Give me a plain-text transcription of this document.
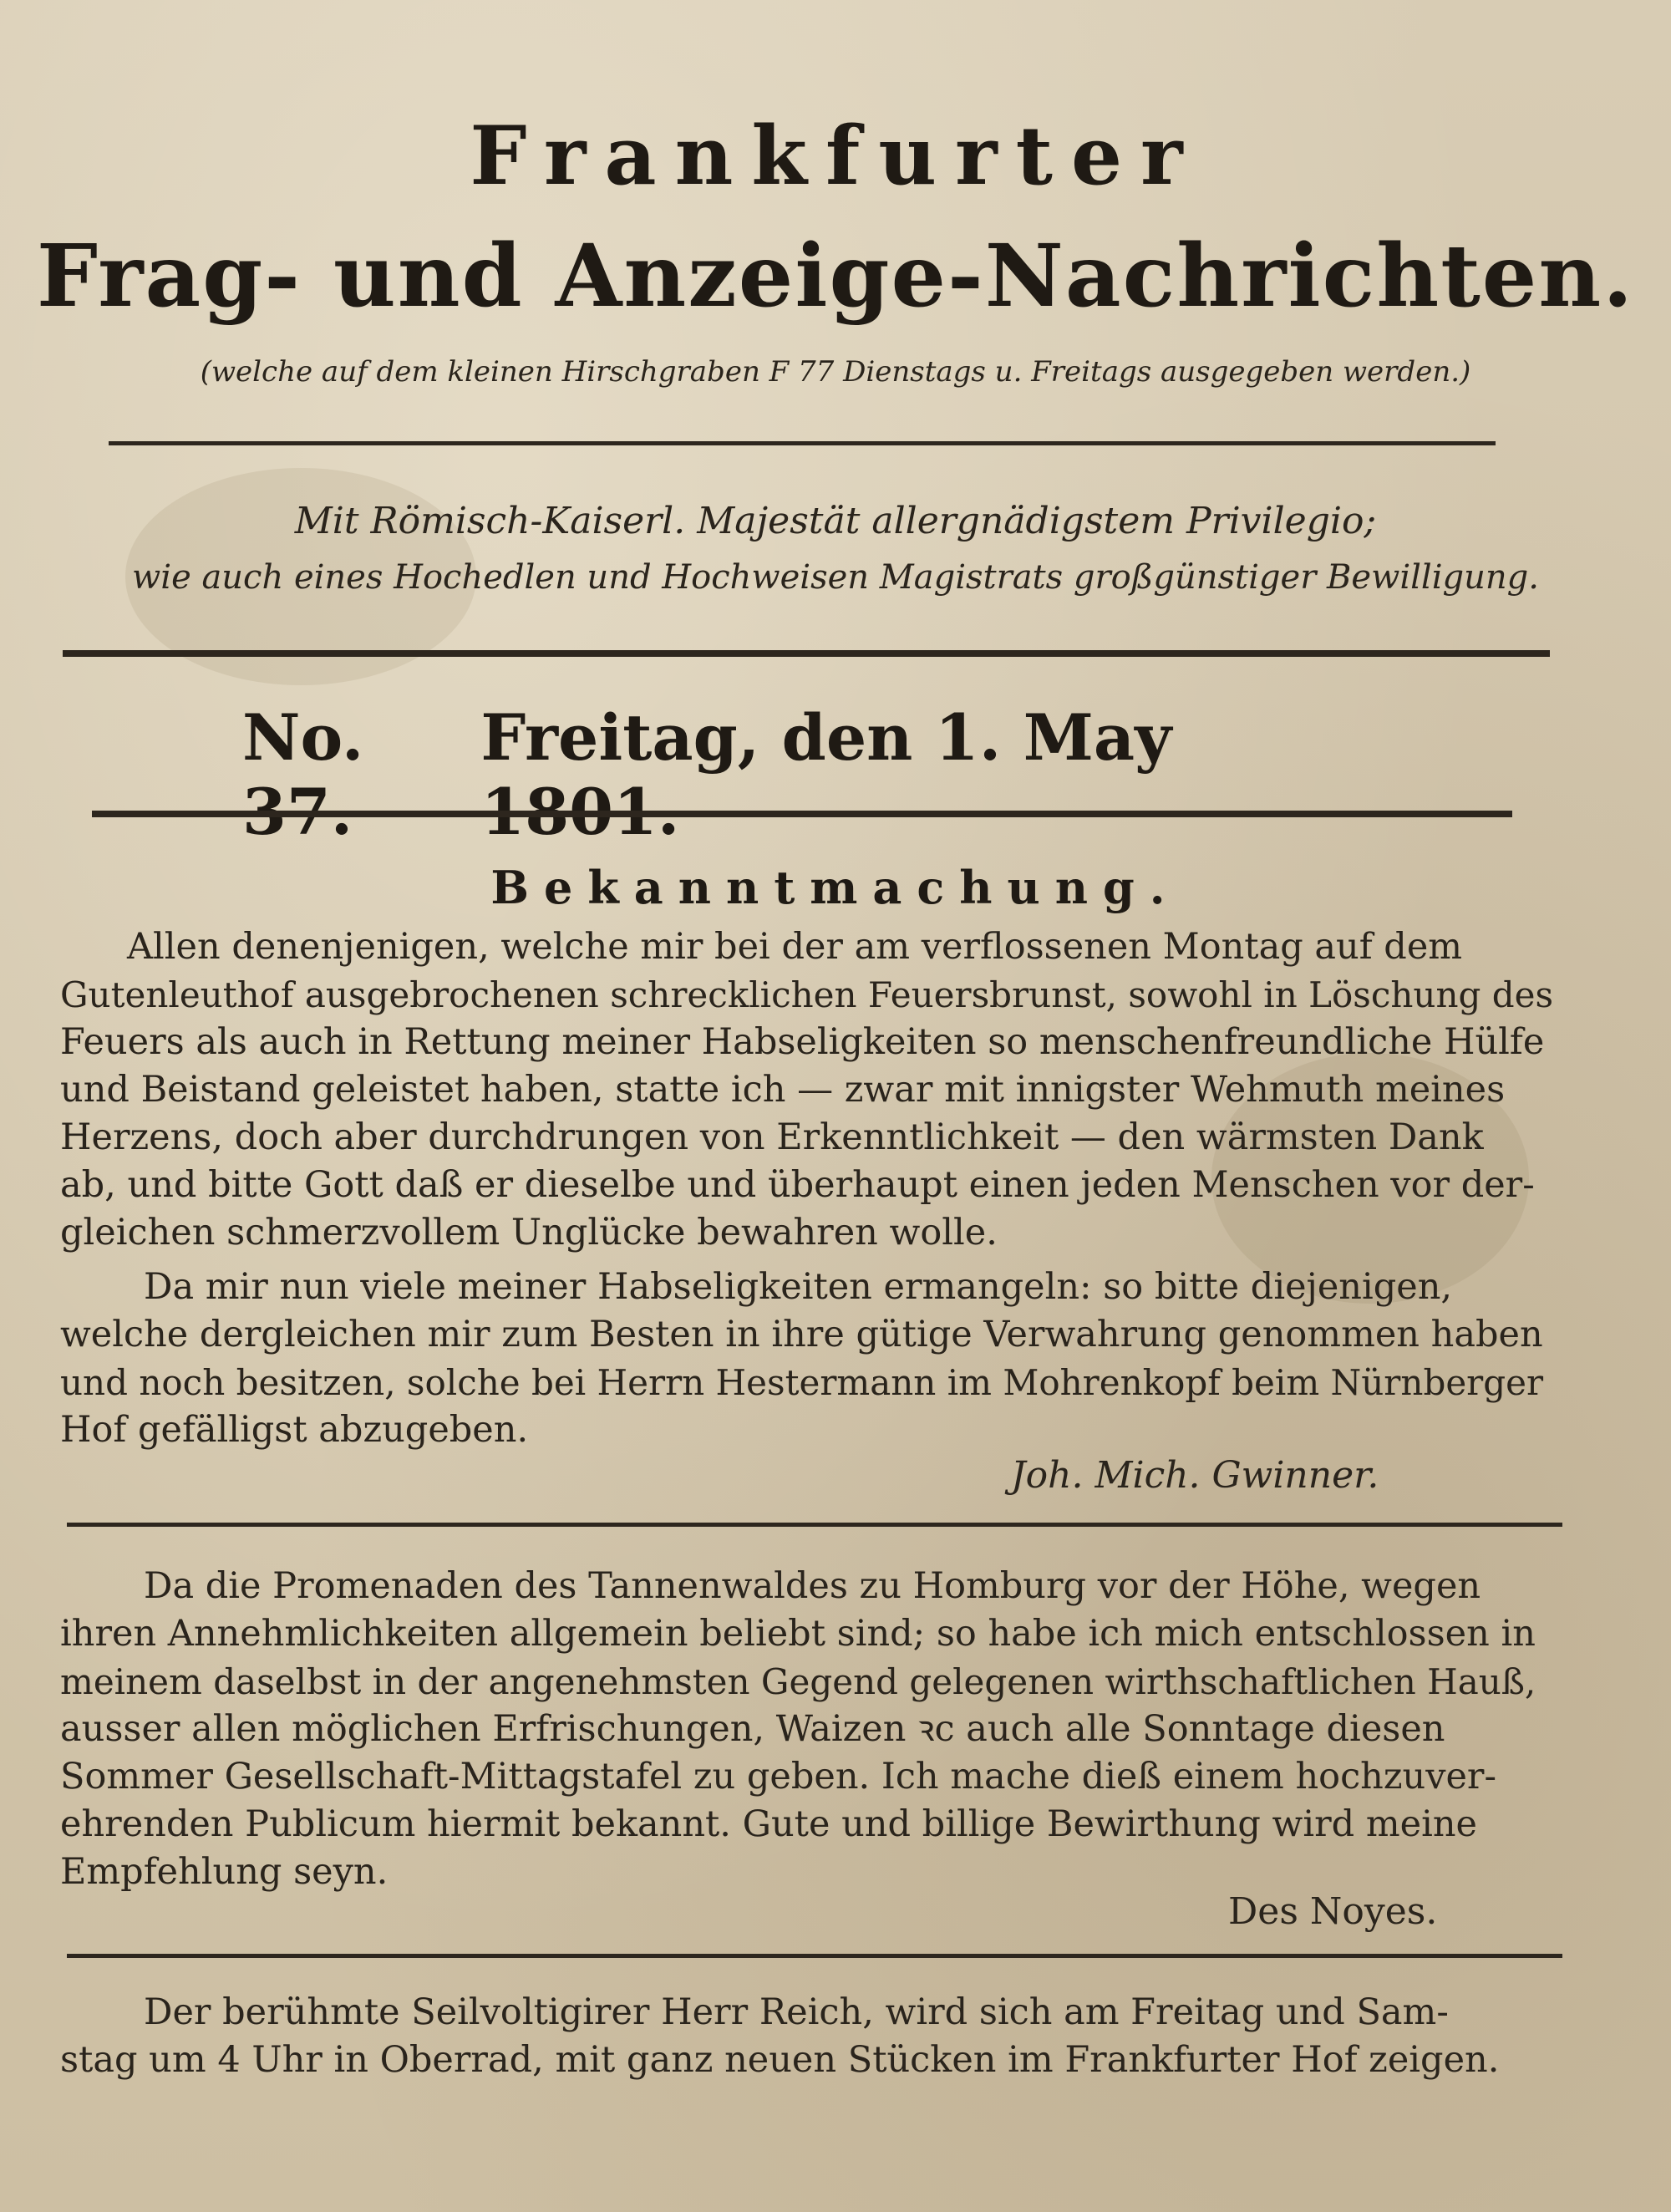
Frankfurter
Frag- und Anzeige-Nachrichten.
(welche auf dem kleinen Hirschgraben F 77 Dienstags u. Freitags ausgegeben werden.)
Mit Römisch-Kaiserl. Majestät allergnädigstem Privilegio;
wie auch eines Hochedlen und Hochweisen Magistrats großgünstiger Bewilligung.
No. 37.
Freitag, den 1. May 1801.
Bekanntmachung.
Allen denenjenigen, welche mir bei der am verflossenen Montag auf dem
Gutenleuthof ausgebrochenen schrecklichen Feuersbrunst, sowohl in Löschung des
Feuers als auch in Rettung meiner Habseligkeiten so menschenfreundliche Hülfe
und Beistand geleistet haben, statte ich — zwar mit innigster Wehmuth meines
Herzens, doch aber durchdrungen von Erkenntlichkeit — den wärmsten Dank
ab, und bitte Gott daß er dieselbe und überhaupt einen jeden Menschen vor der-
gleichen schmerzvollem Unglücke bewahren wolle.
Da mir nun viele meiner Habseligkeiten ermangeln: so bitte diejenigen,
welche dergleichen mir zum Besten in ihre gütige Verwahrung genommen haben
und noch besitzen, solche bei Herrn Hestermann im Mohrenkopf beim Nürnberger
Hof gefälligst abzugeben.
Joh. Mich. Gwinner.
Da die Promenaden des Tannenwaldes zu Homburg vor der Höhe, wegen
ihren Annehmlichkeiten allgemein beliebt sind; so habe ich mich entschlossen in
meinem daselbst in der angenehmsten Gegend gelegenen wirthschaftlichen Hauß,
ausser allen möglichen Erfrischungen, Waizen ꝛc auch alle Sonntage diesen
Sommer Gesellschaft-Mittagstafel zu geben. Ich mache dieß einem hochzuver-
ehrenden Publicum hiermit bekannt. Gute und billige Bewirthung wird meine
Empfehlung seyn.
Des Noyes.
Der berühmte Seilvoltigirer Herr Reich, wird sich am Freitag und Sam-
stag um 4 Uhr in Oberrad, mit ganz neuen Stücken im Frankfurter Hof zeigen.
